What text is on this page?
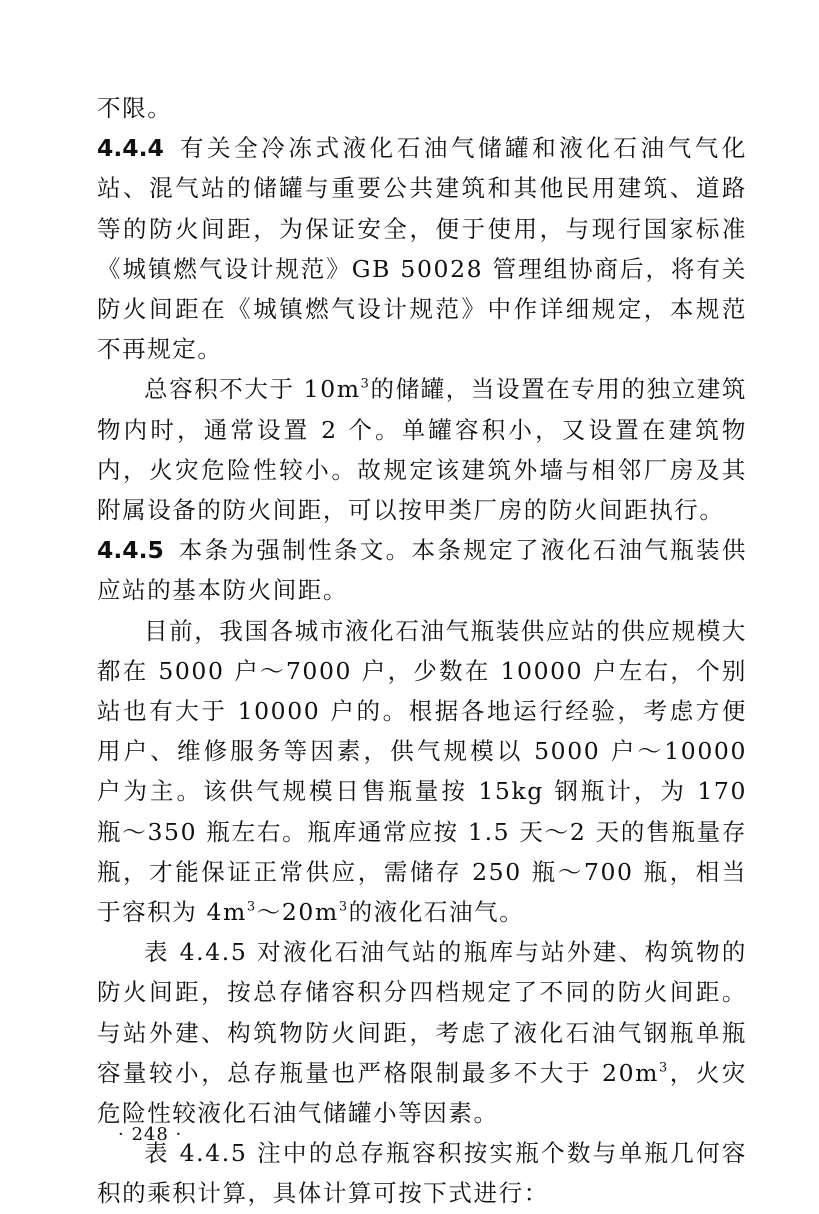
不限。

4.4.4 有关全冷冻式液化石油气储罐和液化石油气气化站、混气站的储罐与重要公共建筑和其他民用建筑、道路等的防火间距，为保证安全，便于使用，与现行国家标准《城镇燃气设计规范》GB 50028 管理组协商后，将有关防火间距在《城镇燃气设计规范》中作详细规定，本规范不再规定。

总容积不大于 $10m^3$的储罐，当设置在专用的独立建筑物内时，通常设置 2 个。单罐容积小，又设置在建筑物内，火灾危险性较小。故规定该建筑外墙与相邻厂房及其附属设备的防火间距，可以按甲类厂房的防火间距执行。

4.4.5 本条为强制性条文。本条规定了液化石油气瓶装供应站的基本防火间距。

目前，我国各城市液化石油气瓶装供应站的供应规模大都在 5000 户～7000 户，少数在 10000 户左右，个别站也有大于 10000 户的。根据各地运行经验，考虑方便用户、维修服务等因素，供气规模以 5000 户～10000 户为主。该供气规模日售瓶量按 15kg 钢瓶计，为 170 瓶～350 瓶左右。瓶库通常应按 1.5 天～2 天的售瓶量存瓶，才能保证正常供应，需储存 250 瓶～700 瓶，相当于容积为 $4m^3\sim 20m^3$的液化石油气。

表 4.4.5 对液化石油气站的瓶库与站外建、构筑物的防火间距，按总存储容积分四档规定了不同的防火间距。与站外建、构筑物防火间距，考虑了液化石油气钢瓶单瓶容量较小，总存瓶量也严格限制最多不大于 $20m^3$，火灾危险性较液化石油气储罐小等因素。

表 4.4.5 注中的总存瓶容积按实瓶个数与单瓶几何容积的乘积计算，具体计算可按下式进行：

· 248 ·
